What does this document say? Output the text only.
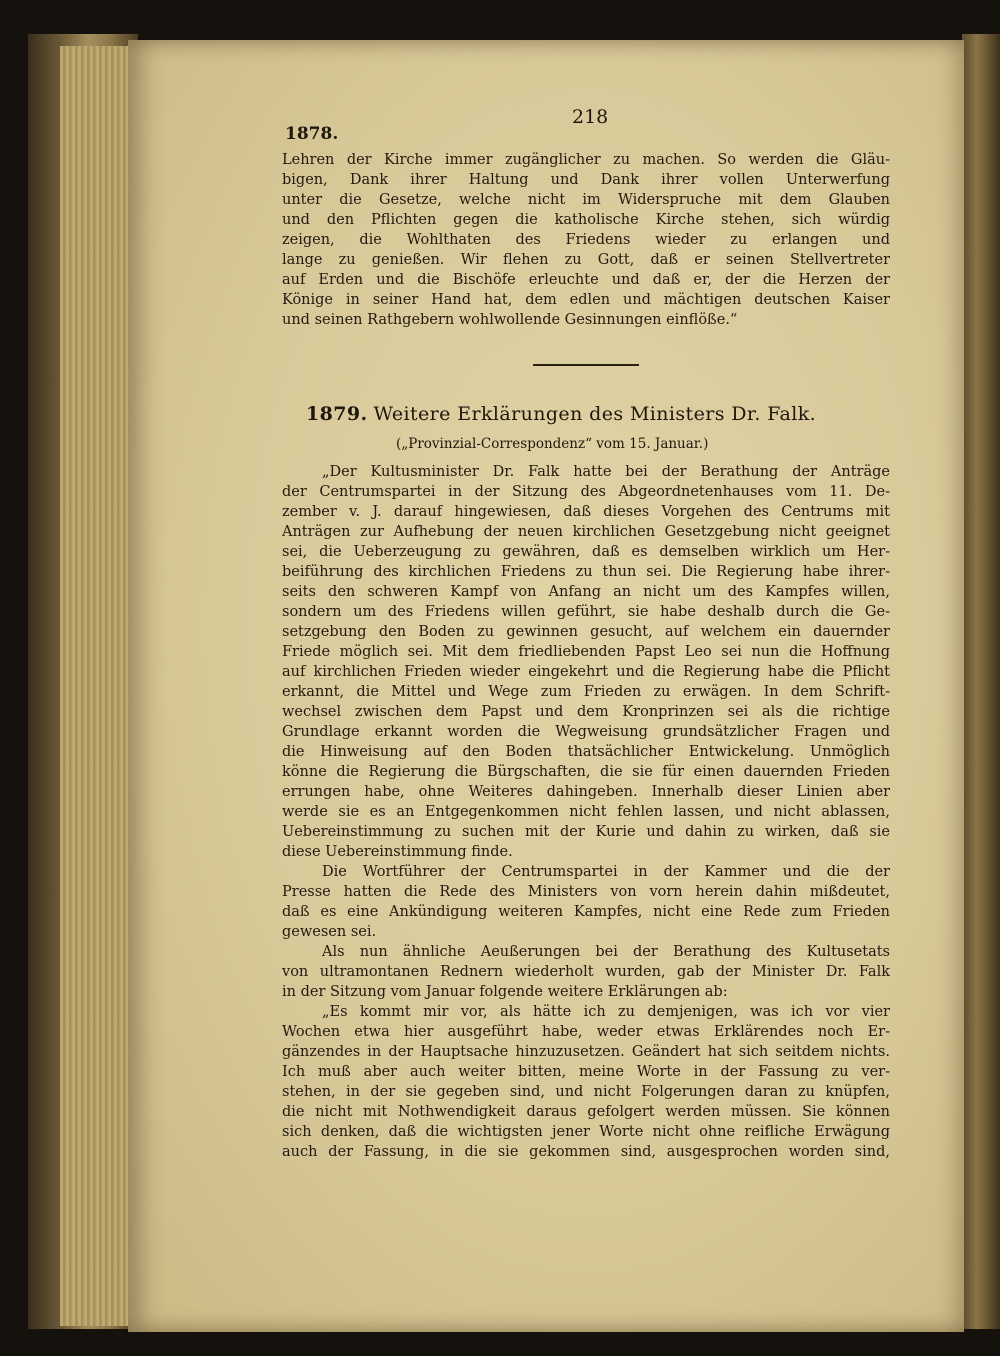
218
1878.
Lehren der Kirche immer zugänglicher zu machen. So werden die Gläu-
bigen, Dank ihrer Haltung und Dank ihrer vollen Unterwerfung
unter die Gesetze, welche nicht im Widerspruche mit dem Glauben
und den Pflichten gegen die katholische Kirche stehen, sich würdig
zeigen, die Wohlthaten des Friedens wieder zu erlangen und
lange zu genießen. Wir flehen zu Gott, daß er seinen Stellvertreter
auf Erden und die Bischöfe erleuchte und daß er, der die Herzen der
Könige in seiner Hand hat, dem edlen und mächtigen deutschen Kaiser
und seinen Rathgebern wohlwollende Gesinnungen einflöße.“
„Der Kultusminister Dr. Falk hatte bei der Berathung der Anträge
der Centrumspartei in der Sitzung des Abgeordnetenhauses vom 11. De-
zember v. J. darauf hingewiesen, daß dieses Vorgehen des Centrums mit
Anträgen zur Aufhebung der neuen kirchlichen Gesetzgebung nicht geeignet
sei, die Ueberzeugung zu gewähren, daß es demselben wirklich um Her-
beiführung des kirchlichen Friedens zu thun sei. Die Regierung habe ihrer-
seits den schweren Kampf von Anfang an nicht um des Kampfes willen,
sondern um des Friedens willen geführt, sie habe deshalb durch die Ge-
setzgebung den Boden zu gewinnen gesucht, auf welchem ein dauernder
Friede möglich sei. Mit dem friedliebenden Papst Leo sei nun die Hoffnung
auf kirchlichen Frieden wieder eingekehrt und die Regierung habe die Pflicht
erkannt, die Mittel und Wege zum Frieden zu erwägen. In dem Schrift-
wechsel zwischen dem Papst und dem Kronprinzen sei als die richtige
Grundlage erkannt worden die Wegweisung grundsätzlicher Fragen und
die Hinweisung auf den Boden thatsächlicher Entwickelung. Unmöglich
könne die Regierung die Bürgschaften, die sie für einen dauernden Frieden
errungen habe, ohne Weiteres dahingeben. Innerhalb dieser Linien aber
werde sie es an Entgegenkommen nicht fehlen lassen, und nicht ablassen,
Uebereinstimmung zu suchen mit der Kurie und dahin zu wirken, daß sie
diese Uebereinstimmung finde.
Die Wortführer der Centrumspartei in der Kammer und die der
Presse hatten die Rede des Ministers von vorn herein dahin mißdeutet,
daß es eine Ankündigung weiteren Kampfes, nicht eine Rede zum Frieden
gewesen sei.
Als nun ähnliche Aeußerungen bei der Berathung des Kultusetats
von ultramontanen Rednern wiederholt wurden, gab der Minister Dr. Falk
in der Sitzung vom Januar folgende weitere Erklärungen ab:
„Es kommt mir vor, als hätte ich zu demjenigen, was ich vor vier
Wochen etwa hier ausgeführt habe, weder etwas Erklärendes noch Er-
gänzendes in der Hauptsache hinzuzusetzen. Geändert hat sich seitdem nichts.
Ich muß aber auch weiter bitten, meine Worte in der Fassung zu ver-
stehen, in der sie gegeben sind, und nicht Folgerungen daran zu knüpfen,
die nicht mit Nothwendigkeit daraus gefolgert werden müssen. Sie können
sich denken, daß die wichtigsten jener Worte nicht ohne reifliche Erwägung
auch der Fassung, in die sie gekommen sind, ausgesprochen worden sind,
1879. Weitere Erklärungen des Ministers Dr. Falk.
(„Provinzial-Correspondenz“ vom 15. Januar.)
